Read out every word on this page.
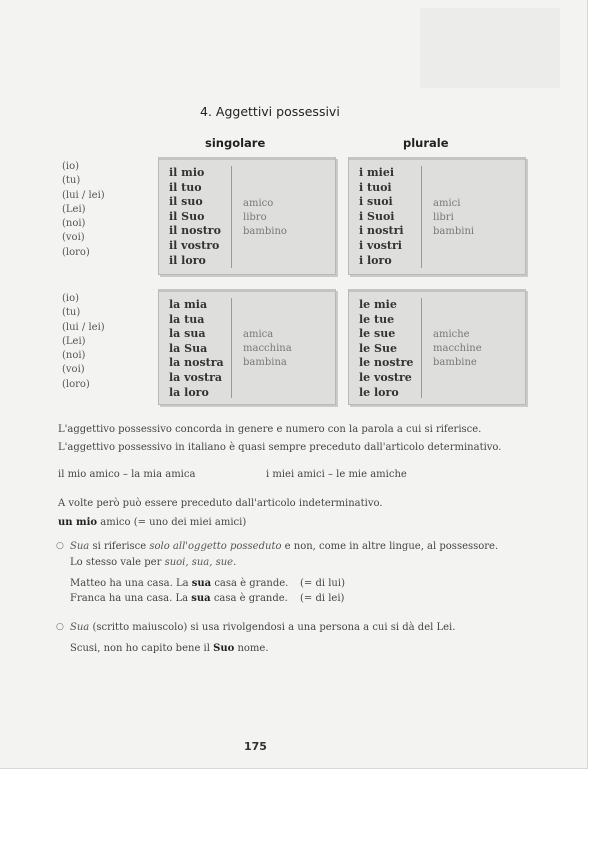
4. Aggettivi possessivi
singolare	plurale
(io)
(tu)
(lui / lei)
(Lei)
(noi)
(voi)
(loro)
il mio
il tuo
il suo
il Suo
il nostro
il vostro
il loro
amico
libro
bambino
i miei
i tuoi
i suoi
i Suoi
i nostri
i vostri
i loro
amici
libri
bambini
(io)
(tu)
(lui / lei)
(Lei)
(noi)
(voi)
(loro)
la mia
la tua
la sua
la Sua
la nostra
la vostra
la loro
amica
macchina
bambina
le mie
le tue
le sue
le Sue
le nostre
le vostre
le loro
amiche
macchine
bambine
L'aggettivo possessivo concorda in genere e numero con la parola a cui si riferisce.
L'aggettivo possessivo in italiano è quasi sempre preceduto dall'articolo determinativo.
il mio amico – la mia amica	i miei amici – le mie amiche
A volte però può essere preceduto dall'articolo indeterminativo.
un mio amico (= uno dei miei amici)
○ Sua si riferisce solo all'oggetto posseduto e non, come in altre lingue, al possessore.
Lo stesso vale per suoi, sua, sue.
Matteo ha una casa. La sua casa è grande. (= di lui)
Franca ha una casa. La sua casa è grande. (= di lei)
○ Sua (scritto maiuscolo) si usa rivolgendosi a una persona a cui si dà del Lei.
Scusi, non ho capito bene il Suo nome.
175
